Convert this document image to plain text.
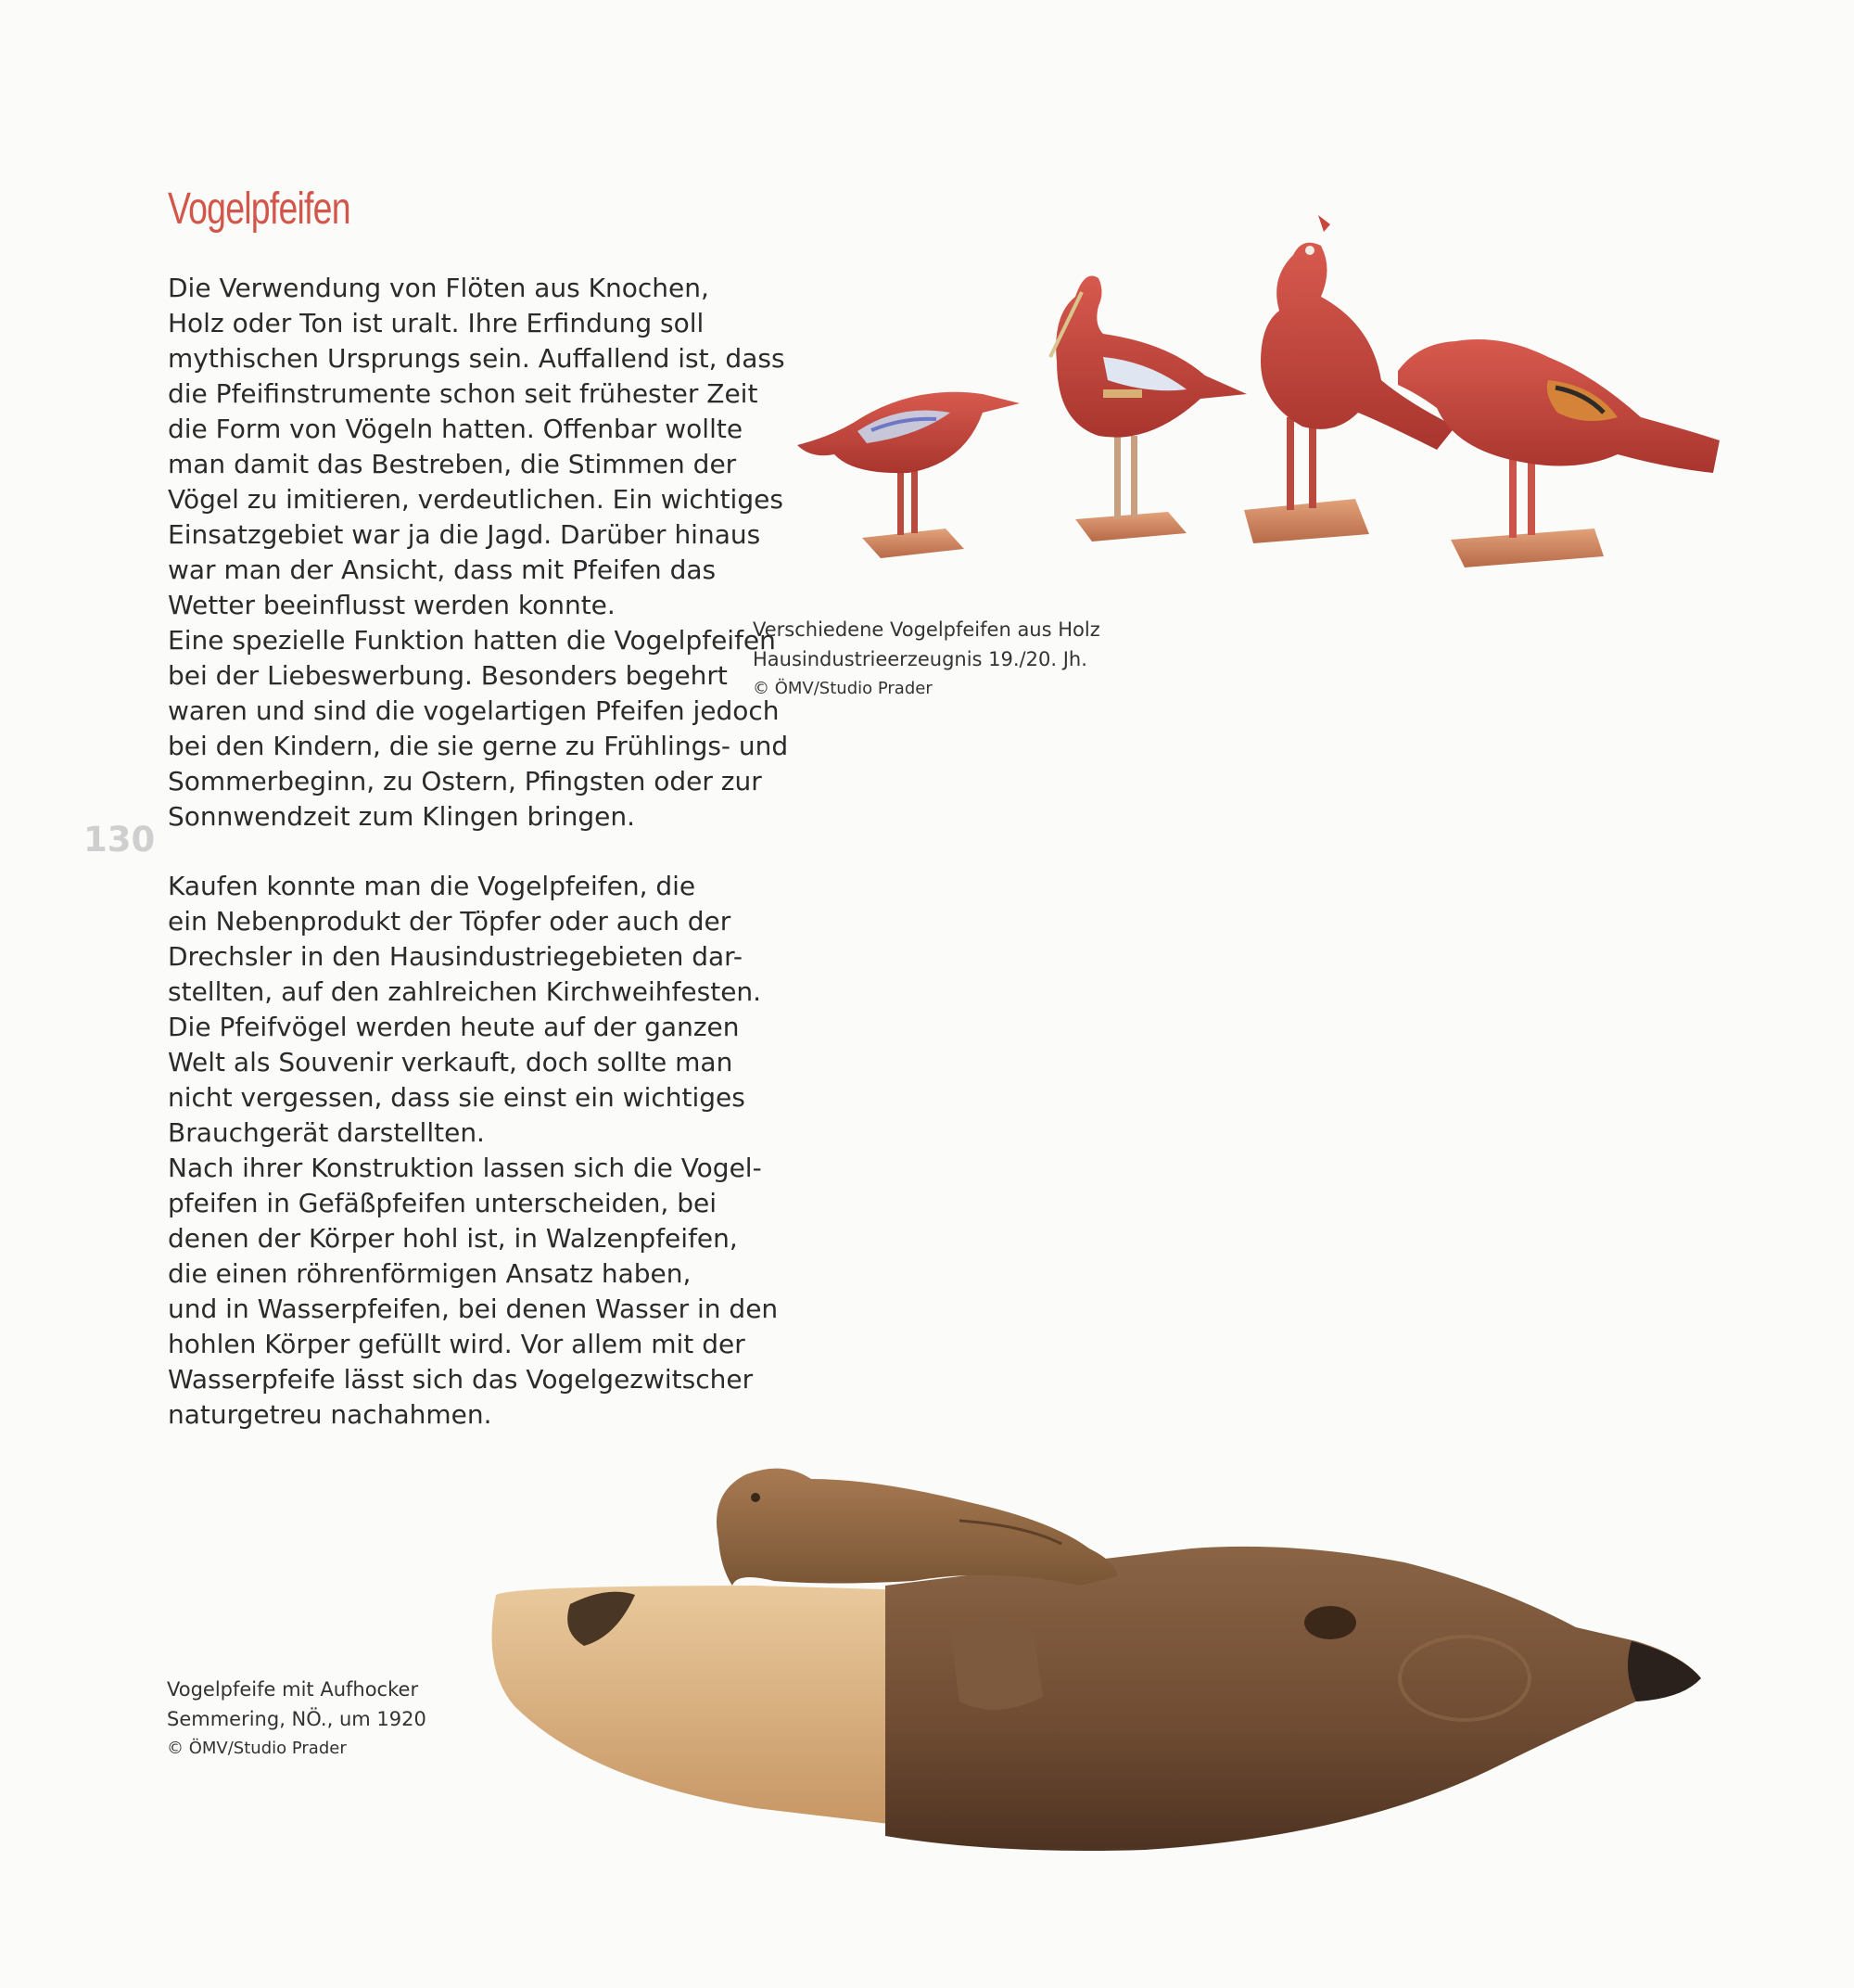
Vogelpfeifen

Die Verwendung von Flöten aus Knochen,
Holz oder Ton ist uralt. Ihre Erfindung soll
mythischen Ursprungs sein. Auffallend ist, dass
die Pfeifinstrumente schon seit frühester Zeit
die Form von Vögeln hatten. Offenbar wollte
man damit das Bestreben, die Stimmen der
Vögel zu imitieren, verdeutlichen. Ein wichtiges
Einsatzgebiet war ja die Jagd. Darüber hinaus
war man der Ansicht, dass mit Pfeifen das
Wetter beeinflusst werden konnte.

Eine spezielle Funktion hatten die Vogelpfeifen
bei der Liebeswerbung. Besonders begehrt
waren und sind die vogelartigen Pfeifen jedoch
bei den Kindern, die sie gerne zu Frühlings- und
Sommerbeginn, zu Ostern, Pfingsten oder zur
Sonnwendzeit zum Klingen bringen.

130

Kaufen konnte man die Vogelpfeifen, die
ein Nebenprodukt der Töpfer oder auch der
Drechsler in den Hausindustriegebieten dar-
stellten, auf den zahlreichen Kirchweihfesten.
Die Pfeifvögel werden heute auf der ganzen
Welt als Souvenir verkauft, doch sollte man
nicht vergessen, dass sie einst ein wichtiges
Brauchgerät darstellten.

Nach ihrer Konstruktion lassen sich die Vogel-
pfeifen in Gefäßpfeifen unterscheiden, bei
denen der Körper hohl ist, in Walzenpfeifen,
die einen röhrenförmigen Ansatz haben,
und in Wasserpfeifen, bei denen Wasser in den
hohlen Körper gefüllt wird. Vor allem mit der
Wasserpfeife lässt sich das Vogelgezwitscher
naturgetreu nachahmen.

Verschiedene Vogelpfeifen aus Holz
Hausindustrieerzeugnis 19./20. Jh.
© ÖMV/Studio Prader
Vogelpfeife mit Aufhocker
Semmering, NÖ., um 1920
© ÖMV/Studio Prader
